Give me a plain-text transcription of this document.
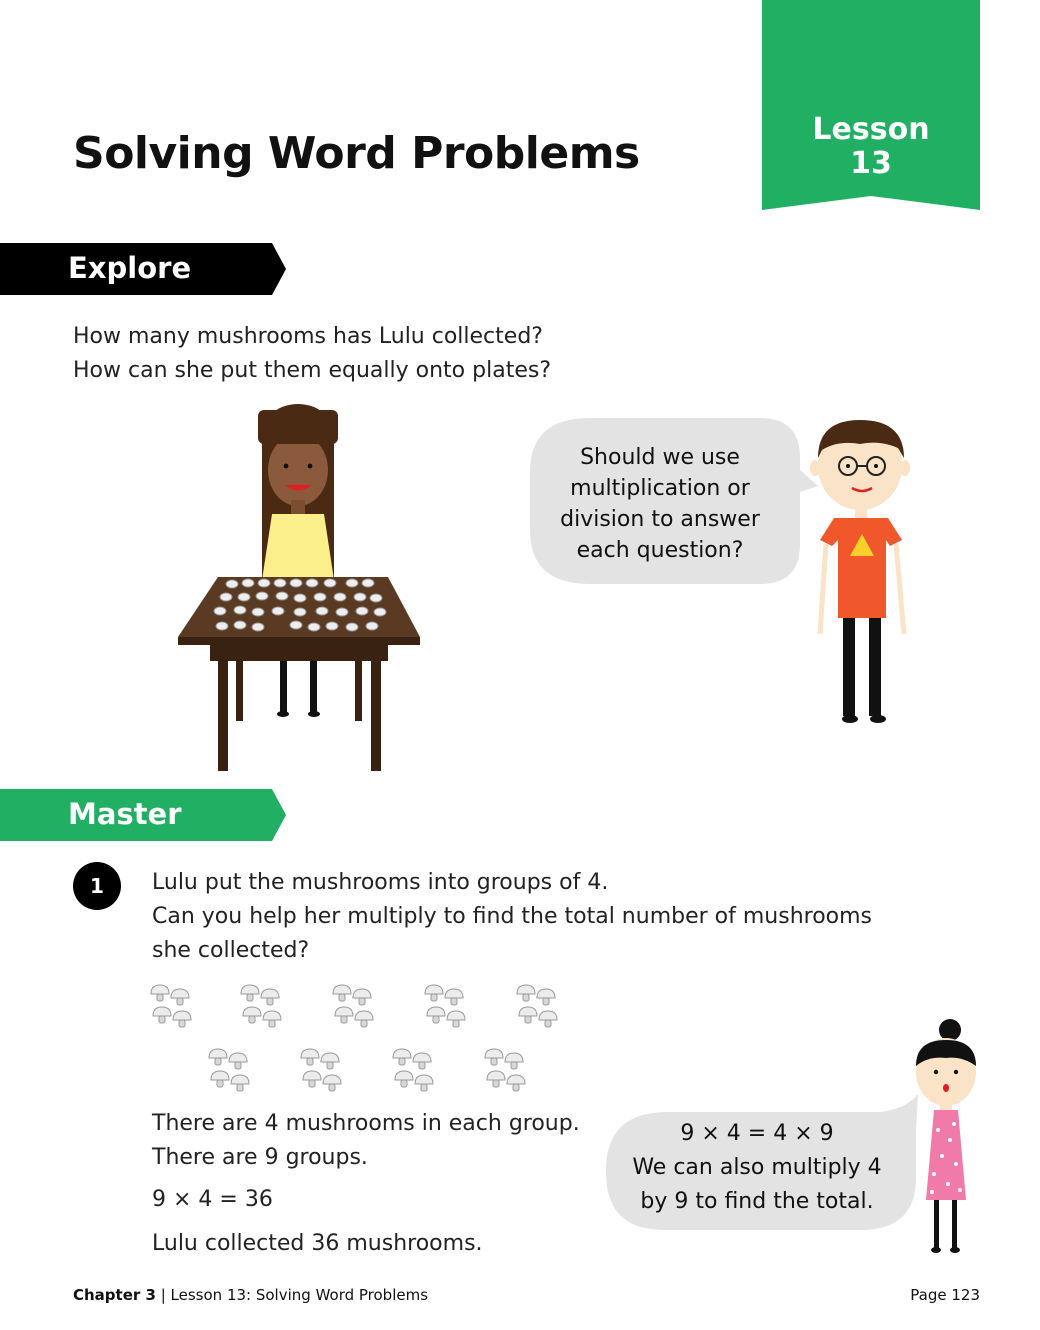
Lesson
13
Solving Word Problems
Explore
How many mushrooms has Lulu collected?
How can she put them equally onto plates?
Should we use
multiplication or
division to answer
each question?
Master
1	Lulu put the mushrooms into groups of 4.
Can you help her multiply to find the total number of mushrooms
she collected?
There are 4 mushrooms in each group.
There are 9 groups.
9 × 4 = 36
Lulu collected 36 mushrooms.
9 × 4 = 4 × 9
We can also multiply 4
by 9 to find the total.
Chapter 3 | Lesson 13: Solving Word Problems	Page 123
